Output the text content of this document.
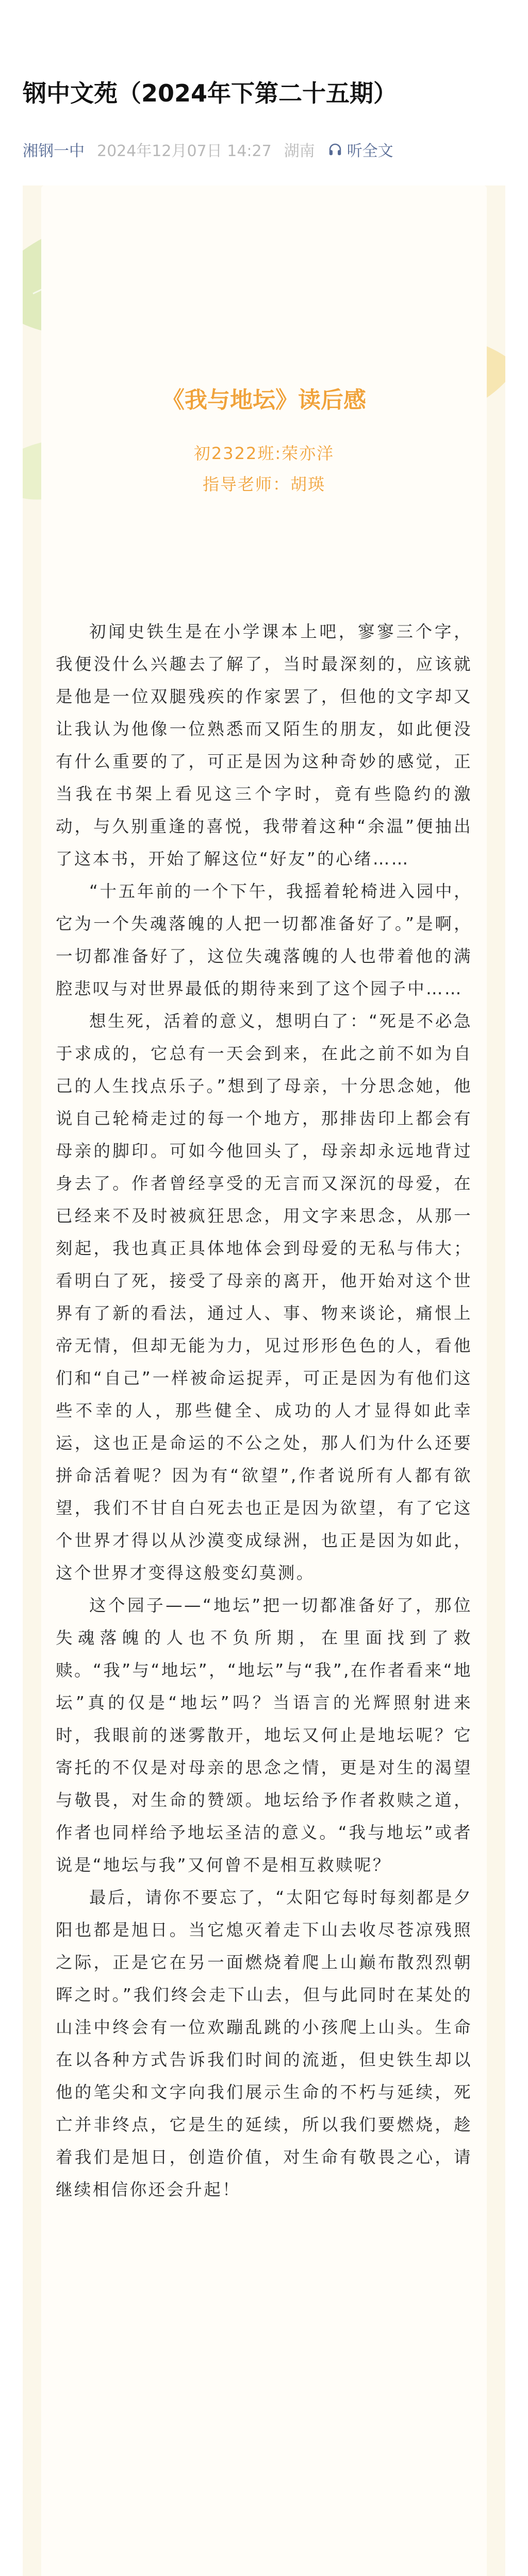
钢中文苑（2024年下第二十五期）
湘钢一中 2024年12月07日 14:27 湖南 听全文
《我与地坛》读后感
初2322班:荣亦洋
指导老师：胡瑛

初闻史铁生是在小学课本上吧，寥寥三个字，我便没什么兴趣去了解了，当时最深刻的，应该就是他是一位双腿残疾的作家罢了，但他的文字却又让我认为他像一位熟悉而又陌生的朋友，如此便没有什么重要的了，可正是因为这种奇妙的感觉，正当我在书架上看见这三个字时，竟有些隐约的激动，与久别重逢的喜悦，我带着这种“余温”便抽出了这本书，开始了解这位“好友”的心绪……

“十五年前的一个下午，我摇着轮椅进入园中，它为一个失魂落魄的人把一切都准备好了。”是啊，一切都准备好了，这位失魂落魄的人也带着他的满腔悲叹与对世界最低的期待来到了这个园子中……

想生死，活着的意义，想明白了：“死是不必急于求成的，它总有一天会到来，在此之前不如为自己的人生找点乐子。”想到了母亲，十分思念她，他说自己轮椅走过的每一个地方，那排齿印上都会有母亲的脚印。可如今他回头了，母亲却永远地背过身去了。作者曾经享受的无言而又深沉的母爱，在已经来不及时被疯狂思念，用文字来思念，从那一刻起，我也真正具体地体会到母爱的无私与伟大；看明白了死，接受了母亲的离开，他开始对这个世界有了新的看法，通过人、事、物来谈论，痛恨上帝无情，但却无能为力，见过形形色色的人，看他们和“自己”一样被命运捉弄，可正是因为有他们这些不幸的人，那些健全、成功的人才显得如此幸运，这也正是命运的不公之处，那人们为什么还要拼命活着呢？因为有“欲望”,作者说所有人都有欲望，我们不甘自白死去也正是因为欲望，有了它这个世界才得以从沙漠变成绿洲，也正是因为如此，这个世界才变得这般变幻莫测。

这个园子——“地坛”把一切都准备好了，那位失魂落魄的人也不负所期，在里面找到了救赎。“我”与“地坛”，“地坛”与“我”,在作者看来“地坛”真的仅是“地坛”吗？当语言的光辉照射进来时，我眼前的迷雾散开，地坛又何止是地坛呢？它寄托的不仅是对母亲的思念之情，更是对生的渴望与敬畏，对生命的赞颂。地坛给予作者救赎之道，作者也同样给予地坛圣洁的意义。“我与地坛”或者说是“地坛与我”又何曾不是相互救赎呢？

最后，请你不要忘了，“太阳它每时每刻都是夕阳也都是旭日。当它熄灭着走下山去收尽苍凉残照之际，正是它在另一面燃烧着爬上山巅布散烈烈朝晖之时。”我们终会走下山去，但与此同时在某处的山洼中终会有一位欢蹦乱跳的小孩爬上山头。生命在以各种方式告诉我们时间的流逝，但史铁生却以他的笔尖和文字向我们展示生命的不朽与延续，死亡并非终点，它是生的延续，所以我们要燃烧，趁着我们是旭日，创造价值，对生命有敬畏之心，请继续相信你还会升起！
